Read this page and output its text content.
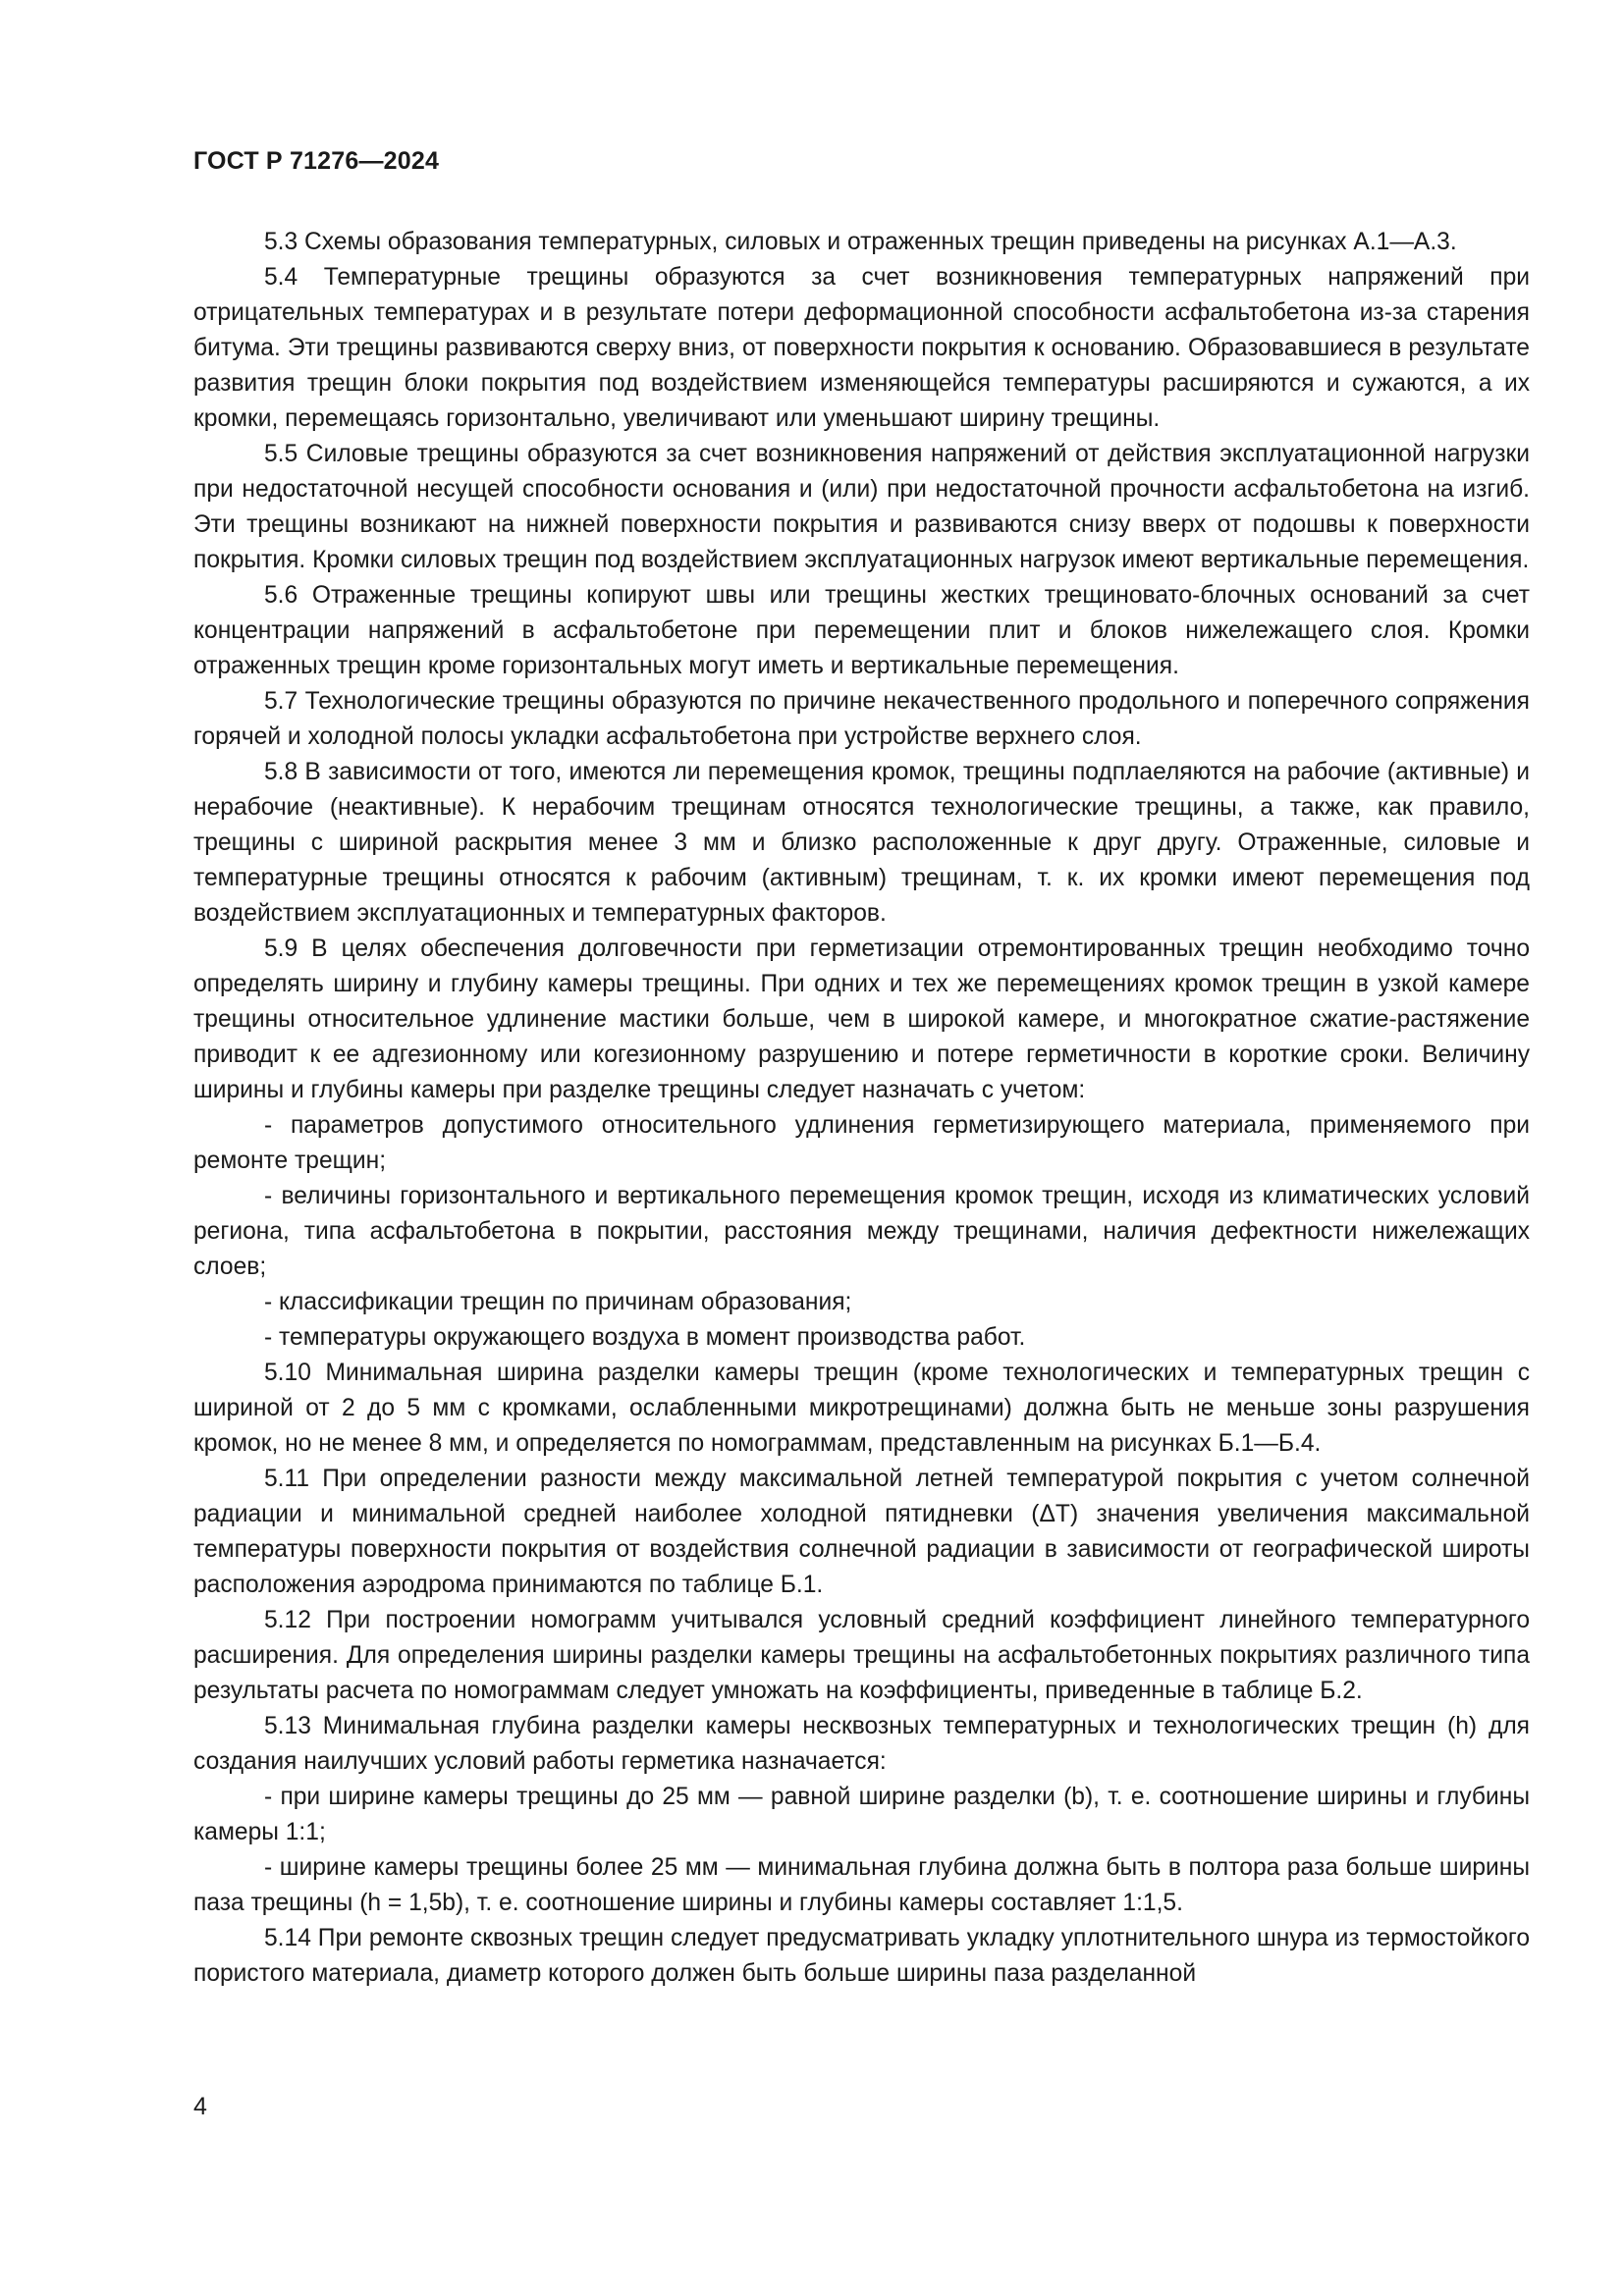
ГОСТ Р 71276—2024

5.3 Схемы образования температурных, силовых и отраженных трещин приведены на рисунках А.1—А.3.

5.4 Температурные трещины образуются за счет возникновения температурных напряжений при отрицательных температурах и в результате потери деформационной способности асфальтобетона из-за старения битума. Эти трещины развиваются сверху вниз, от поверхности покрытия к основанию. Образовавшиеся в результате развития трещин блоки покрытия под воздействием изменяющейся температуры расширяются и сужаются, а их кромки, перемещаясь горизонтально, увеличивают или уменьшают ширину трещины.

5.5 Силовые трещины образуются за счет возникновения напряжений от действия эксплуатационной нагрузки при недостаточной несущей способности основания и (или) при недостаточной прочности асфальтобетона на изгиб. Эти трещины возникают на нижней поверхности покрытия и развиваются снизу вверх от подошвы к поверхности покрытия. Кромки силовых трещин под воздействием эксплуатационных нагрузок имеют вертикальные перемещения.

5.6 Отраженные трещины копируют швы или трещины жестких трещиновато-блочных оснований за счет концентрации напряжений в асфальтобетоне при перемещении плит и блоков нижележащего слоя. Кромки отраженных трещин кроме горизонтальных могут иметь и вертикальные перемещения.

5.7 Технологические трещины образуются по причине некачественного продольного и поперечного сопряжения горячей и холодной полосы укладки асфальтобетона при устройстве верхнего слоя.

5.8 В зависимости от того, имеются ли перемещения кромок, трещины подплаеляются на рабочие (активные) и нерабочие (неактивные). К нерабочим трещинам относятся технологические трещины, а также, как правило, трещины с шириной раскрытия менее 3 мм и близко расположенные к друг другу. Отраженные, силовые и температурные трещины относятся к рабочим (активным) трещинам, т. к. их кромки имеют перемещения под воздействием эксплуатационных и температурных факторов.

5.9 В целях обеспечения долговечности при герметизации отремонтированных трещин необходимо точно определять ширину и глубину камеры трещины. При одних и тех же перемещениях кромок трещин в узкой камере трещины относительное удлинение мастики больше, чем в широкой камере, и многократное сжатие-растяжение приводит к ее адгезионному или когезионному разрушению и потере герметичности в короткие сроки. Величину ширины и глубины камеры при разделке трещины следует назначать с учетом:

- параметров допустимого относительного удлинения герметизирующего материала, применяемого при ремонте трещин;

- величины горизонтального и вертикального перемещения кромок трещин, исходя из климатических условий региона, типа асфальтобетона в покрытии, расстояния между трещинами, наличия дефектности нижележащих слоев;

- классификации трещин по причинам образования;

- температуры окружающего воздуха в момент производства работ.

5.10 Минимальная ширина разделки камеры трещин (кроме технологических и температурных трещин с шириной от 2 до 5 мм с кромками, ослабленными микротрещинами) должна быть не меньше зоны разрушения кромок, но не менее 8 мм, и определяется по номограммам, представленным на рисунках Б.1—Б.4.

5.11 При определении разности между максимальной летней температурой покрытия с учетом солнечной радиации и минимальной средней наиболее холодной пятидневки (ΔT) значения увеличения максимальной температуры поверхности покрытия от воздействия солнечной радиации в зависимости от географической широты расположения аэродрома принимаются по таблице Б.1.

5.12 При построении номограмм учитывался условный средний коэффициент линейного температурного расширения. Для определения ширины разделки камеры трещины на асфальтобетонных покрытиях различного типа результаты расчета по номограммам следует умножать на коэффициенты, приведенные в таблице Б.2.

5.13 Минимальная глубина разделки камеры несквозных температурных и технологических трещин (h) для создания наилучших условий работы герметика назначается:

- при ширине камеры трещины до 25 мм — равной ширине разделки (b), т. е. соотношение ширины и глубины камеры 1:1;

- ширине камеры трещины более 25 мм — минимальная глубина должна быть в полтора раза больше ширины паза трещины (h = 1,5b), т. е. соотношение ширины и глубины камеры составляет 1:1,5.

5.14 При ремонте сквозных трещин следует предусматривать укладку уплотнительного шнура из термостойкого пористого материала, диаметр которого должен быть больше ширины паза разделанной

4
